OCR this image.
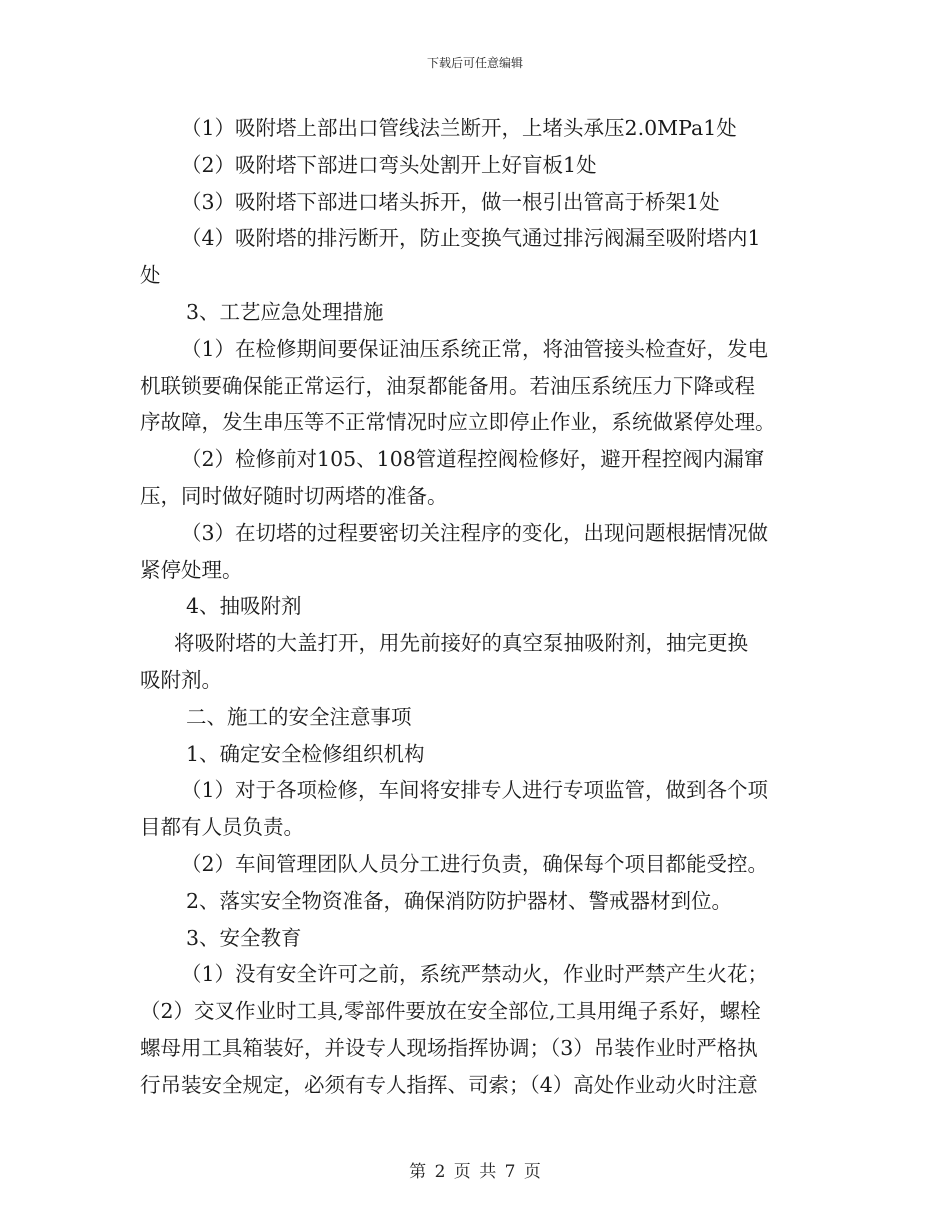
下载后可任意编辑
（1）吸附塔上部出口管线法兰断开，上堵头承压2.0MPa1处
（2）吸附塔下部进口弯头处割开上好盲板1处
（3）吸附塔下部进口堵头拆开，做一根引出管高于桥架1处
（4）吸附塔的排污断开，防止变换气通过排污阀漏至吸附塔内1
处
3、工艺应急处理措施
（1）在检修期间要保证油压系统正常，将油管接头检查好，发电
机联锁要确保能正常运行，油泵都能备用。若油压系统压力下降或程
序故障，发生串压等不正常情况时应立即停止作业，系统做紧停处理。
（2）检修前对105、108管道程控阀检修好，避开程控阀内漏窜
压，同时做好随时切两塔的准备。
（3）在切塔的过程要密切关注程序的变化，出现问题根据情况做
紧停处理。
4、抽吸附剂
将吸附塔的大盖打开，用先前接好的真空泵抽吸附剂，抽完更换
吸附剂。
二、施工的安全注意事项
1、确定安全检修组织机构
（1）对于各项检修，车间将安排专人进行专项监管，做到各个项
目都有人员负责。
（2）车间管理团队人员分工进行负责，确保每个项目都能受控。
2、落实安全物资准备，确保消防防护器材、警戒器材到位。
3、安全教育
（1）没有安全许可之前，系统严禁动火，作业时严禁产生火花；
（2）交叉作业时工具,零部件要放在安全部位,工具用绳子系好，螺栓
螺母用工具箱装好，并设专人现场指挥协调；（3）吊装作业时严格执
行吊装安全规定，必须有专人指挥、司索；（4）高处作业动火时注意
第 2 页 共 7 页
